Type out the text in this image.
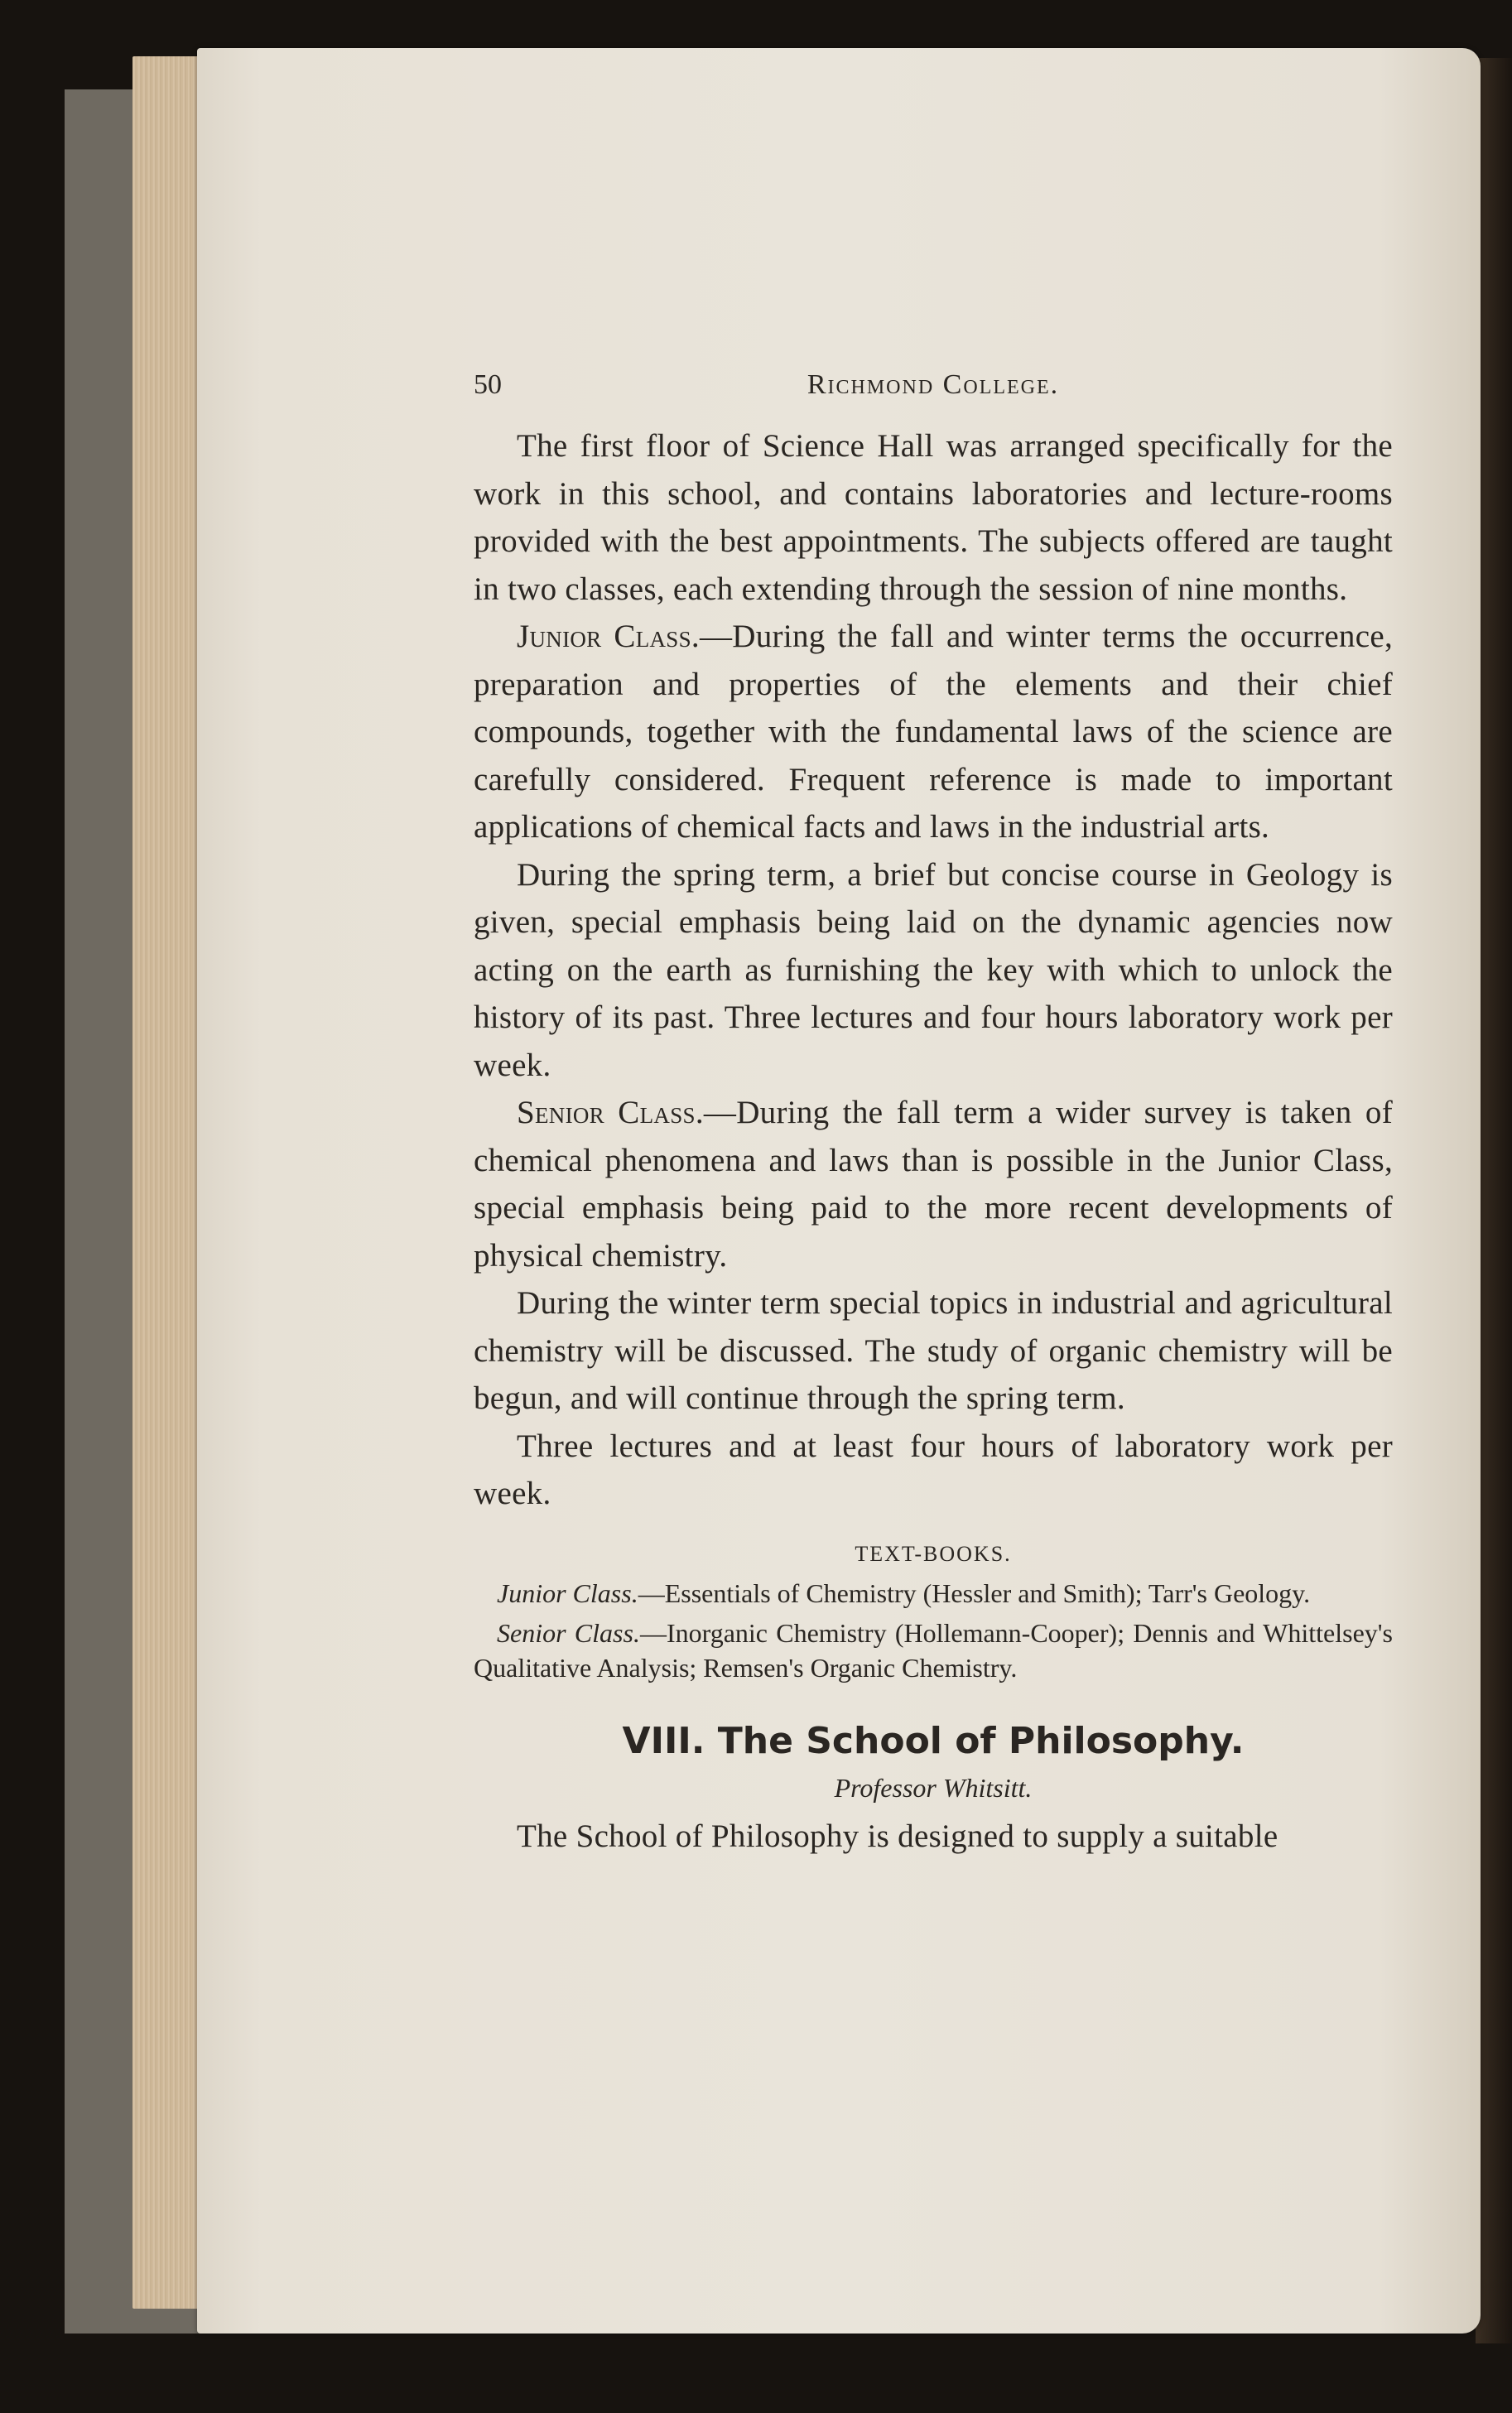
50	Richmond College.

The first floor of Science Hall was arranged specifically for the work in this school, and contains laboratories and lecture-rooms provided with the best appointments. The subjects offered are taught in two classes, each extending through the session of nine months.

Junior Class.—During the fall and winter terms the occurrence, preparation and properties of the elements and their chief compounds, together with the fundamental laws of the science are carefully considered. Frequent reference is made to important applications of chemical facts and laws in the industrial arts.

During the spring term, a brief but concise course in Geology is given, special emphasis being laid on the dynamic agencies now acting on the earth as furnishing the key with which to unlock the history of its past. Three lectures and four hours laboratory work per week.

Senior Class.—During the fall term a wider survey is taken of chemical phenomena and laws than is possible in the Junior Class, special emphasis being paid to the more recent developments of physical chemistry.

During the winter term special topics in industrial and agricultural chemistry will be discussed. The study of organic chemistry will be begun, and will continue through the spring term.

Three lectures and at least four hours of laboratory work per week.

TEXT-BOOKS.
Junior Class.—Essentials of Chemistry (Hessler and Smith); Tarr's Geology.
Senior Class.—Inorganic Chemistry (Hollemann-Cooper); Dennis and Whittelsey's Qualitative Analysis; Remsen's Organic Chemistry.
VIII. The School of Philosophy.
Professor Whitsitt.

The School of Philosophy is designed to supply a suitable
